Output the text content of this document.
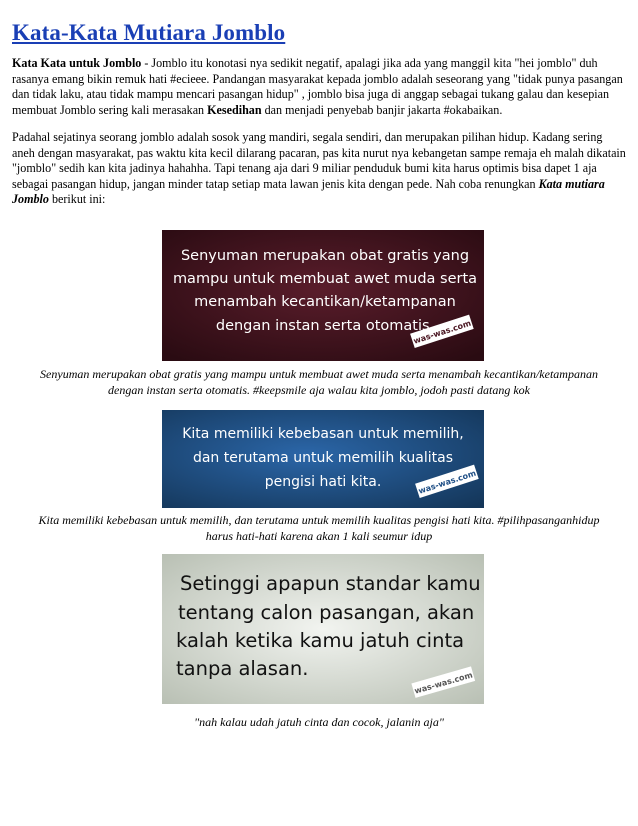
Kata-Kata Mutiara Jomblo

Kata Kata untuk Jomblo - Jomblo itu konotasi nya sedikit negatif, apalagi jika ada yang manggil kita "hei jomblo" duh rasanya emang bikin remuk hati #ecieee. Pandangan masyarakat kepada jomblo adalah seseorang yang "tidak punya pasangan dan tidak laku, atau tidak mampu mencari pasangan hidup" , jomblo bisa juga di anggap sebagai tukang galau dan kesepian membuat Jomblo sering kali merasakan Kesedihan dan menjadi penyebab banjir jakarta #okabaikan.

Padahal sejatinya seorang jomblo adalah sosok yang mandiri, segala sendiri, dan merupakan pilihan hidup. Kadang sering aneh dengan masyarakat, pas waktu kita kecil dilarang pacaran, pas kita nurut nya kebangetan sampe remaja eh malah dikatain "jomblo" sedih kan kita jadinya hahahha. Tapi tenang aja dari 9 miliar penduduk bumi kita harus optimis bisa dapet 1 aja sebagai pasangan hidup, jangan minder tatap setiap mata lawan jenis kita dengan pede. Nah coba renungkan Kata mutiara Jomblo berikut ini:

Senyuman merupakan obat gratis yang
mampu untuk membuat awet muda serta
menambah kecantikan/ketampanan
dengan instan serta otomatis.
was-was.com
Senyuman merupakan obat gratis yang mampu untuk membuat awet muda serta menambah kecantikan/ketampanan
dengan instan serta otomatis. #keepsmile aja walau kita jomblo, jodoh pasti datang kok
Kita memiliki kebebasan untuk memilih,
dan terutama untuk memilih kualitas
pengisi hati kita.	was-was.com
Kita memiliki kebebasan untuk memilih, dan terutama untuk memilih kualitas pengisi hati kita. #pilihpasanganhidup
harus hati-hati karena akan 1 kali seumur idup
Setinggi apapun standar kamu
tentang calon pasangan, akan
kalah ketika kamu jatuh cinta
tanpa alasan.
was-was.com
"nah kalau udah jatuh cinta dan cocok, jalanin aja"
